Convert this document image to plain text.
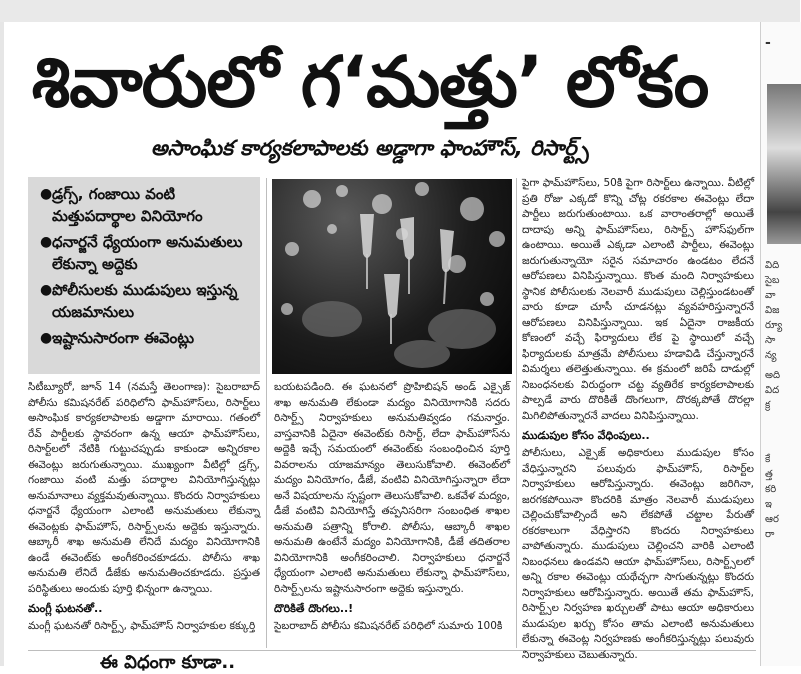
శివారులో గ‘మత్తు’ లోకం
అసాంఘిక కార్యకలాపాలకు అడ్డాగా ఫాంహౌస్, రిసార్ట్స్
● డ్రగ్స్, గంజాయి వంటి మత్తుపదార్థాల వినియోగం
● ధనార్జనే ధ్యేయంగా అనుమతులు లేకున్నా అద్దెకు
● పోలీసులకు ముడుపులు ఇస్తున్న యజమానులు
● ఇష్టానుసారంగా ఈవెంట్లు

సిటీబ్యూరో, జూన్ 14 (నమస్తే తెలంగాణ): సైబరాబాద్ పోలీసు కమిషనరేట్ పరిధిలోని ఫామ్‌హౌస్‌లు, రిసార్ట్‌లు అసాంఘిక కార్యకలాపాలకు అడ్డాగా మారాయి. గతంలో రేవ్ పార్టీలకు స్థావరంగా ఉన్న ఆయా ఫామ్‌హౌస్‌లు, రిసార్ట్‌లలో నేటికి గుట్టుచప్పుడు కాకుండా అన్నిరకాల ఈవెంట్లు జరుగుతున్నాయి. ముఖ్యంగా వీటిల్లో డ్రగ్స్, గంజాయి వంటి మత్తు పదార్థాల వినియోగిస్తున్నట్లు అనుమానాలు వ్యక్తమవుతున్నాయి. కొందరు నిర్వాహకులు ధనార్జనే ధ్యేయంగా ఎలాంటి అనుమతులు లేకున్నా ఈవెంట్లకు ఫామ్‌హౌస్, రిసార్ట్స్‌లను అద్దెకు ఇస్తున్నారు. ఆబ్కారీ శాఖ అనుమతి లేనిదే మద్యం వినియోగానికి ఉండే ఈవెంట్‌కు అంగీకరించకూడదు. పోలీసు శాఖ అనుమతి లేనిదే డీజేకు అనుమతించకూడదు. ప్రస్తుత పరిస్థితులు అందుకు పూర్తి భిన్నంగా ఉన్నాయి.

మంగ్లీ ఘటనతో..

మంగ్లీ ఘటనతో రిసార్ట్స్, ఫామ్‌హౌస్ నిర్వాహకుల కక్కుర్తి

బయటపడింది. ఈ ఘటనలో ప్రొహిబిషన్ అండ్ ఎక్సైజ్ శాఖ అనుమతి లేకుండా మద్యం వినియోగానికి సదరు రిసార్ట్స్ నిర్వాహకులు అనుమతివ్వడం గమనార్హం. వాస్తవానికి ఏదైనా ఈవెంట్‌కు రిసార్ట్, లేదా ఫామ్‌హౌస్‌ను అద్దెకి ఇచ్చే సమయంలో ఈవెంట్‌కు సంబంధించిన పూర్తి వివరాలను యాజమాన్యం తెలుసుకోవాలి. ఈవెంట్‌లో మద్యం వినియోగం, డీజే, వంటివి వినియోగిస్తున్నారా లేదా అనే విషయాలను స్పష్టంగా తెలుసుకోవాలి. ఒకవేళ మద్యం, డీజే వంటివి వినియోగిస్తే తప్పనిసరిగా సంబంధిత శాఖల అనుమతి పత్రాన్ని కోరాలి. పోలీసు, ఆబ్కారీ శాఖల అనుమతి ఉంటేనే మద్యం వినియోగానికి, డీజే తదితరాల వినియోగానికి అంగీకరించాలి. నిర్వాహకులు ధనార్జనే ధ్యేయంగా ఎలాంటి అనుమతులు లేకున్నా ఫామ్‌హౌస్‌లు, రిసార్ట్స్‌లను ఇష్టానుసారంగా అద్దెకు ఇస్తున్నారు.

దొరికితే దొంగలు..!

సైబరాబాద్ పోలీసు కమిషనరేట్ పరిధిలో సుమారు 100కి

పైగా ఫామ్‌హౌస్‌లు, 50కి పైగా రిసార్ట్‌లు ఉన్నాయి. వీటిల్లో ప్రతి రోజు ఎక్కడో కొన్ని చోట్ల రకరకాల ఈవెంట్లు లేదా పార్టీలు జరుగుతుంటాయి. ఒక వారాంతరాల్లో అయితే దాదాపు అన్ని ఫామ్‌హౌస్‌లు, రిసార్ట్స్ హౌస్‌ఫుల్‌గా ఉంటాయి. అయితే ఎక్కడా ఎలాంటి పార్టీలు, ఈవెంట్లు జరుగుతున్నాయో సరైన సమాచారం ఉండటం లేదనే ఆరోపణలు వినిపిస్తున్నాయి. కొంత మంది నిర్వాహకులు స్థానిక పోలీసులకు నెలవారీ ముడుపులు చెల్లిస్తుండటంతో వారు కూడా చూసీ చూడనట్లు వ్యవహరిస్తున్నారనే ఆరోపణలు వినిపిస్తున్నాయి. ఇక ఏదైనా రాజకీయ కోణంలో వచ్చే ఫిర్యాదులు లేక పై స్థాయిలో వచ్చే ఫిర్యాదులకు మాత్రమే పోలీసులు హడావిడి చేస్తున్నారనే విమర్శలు తలెత్తుతున్నాయి. ఈ క్రమంలో జరిపే దాడుల్లో నిబంధనలకు విరుద్ధంగా చట్ట వ్యతిరేక కార్యకలాపాలకు పాల్పడే వారు దొరికితే దొంగలుగా, దొరక్కపోతే దొరల్లా మిగిలిపోతున్నారనే వాదలు వినిపిస్తున్నాయి.

ముడుపుల కోసం వేధింపులు..

పోలీసులు, ఎక్సైజ్ అధికారులు ముడుపుల కోసం వేధిస్తున్నారని పలువురు ఫామ్‌హౌస్, రిసార్ట్‌ల నిర్వాహకులు ఆరోపిస్తున్నారు. ఈవెంట్లు జరిగినా, జరగకపోయినా కొందరికి మాత్రం నెలవారీ ముడుపులు చెల్లించుకోవాల్సిందే అని లేకపోతే చట్టాల పేరుతో రకరకాలుగా వేధిస్తారని కొందరు నిర్వాహకులు వాపోతున్నారు. ముడుపులు చెల్లించని వారికి ఎలాంటి నిబంధనలు ఉండవని ఆయా ఫామ్‌హౌస్‌లు, రిసార్ట్స్‌లలో అన్ని రకాల ఈవెంట్లు యథేచ్ఛగా సాగుతున్నట్లు కొందరు నిర్వాహకులు ఆరోపిస్తున్నారు. అయితే తమ ఫామ్‌హౌస్, రిసార్ట్స్‌ల నిర్వహణ ఖర్చులతో పాటు ఆయా అధికారులు ముడుపుల ఖర్చు కోసం తామ ఎలాంటి అనుమతులు లేకున్నా ఈవెంట్ల నిర్వహణకు అంగీకరిస్తున్నట్లు పలువురు నిర్వాహకులు చెబుతున్నారు.

-
విది
సైబ
వా
విజ
ర్యూ
సా
న్య
అది
విద
క్ర
కే
త్త
కరి
ఇ
ఆర
రా
ఈ విధంగా కూడా..
